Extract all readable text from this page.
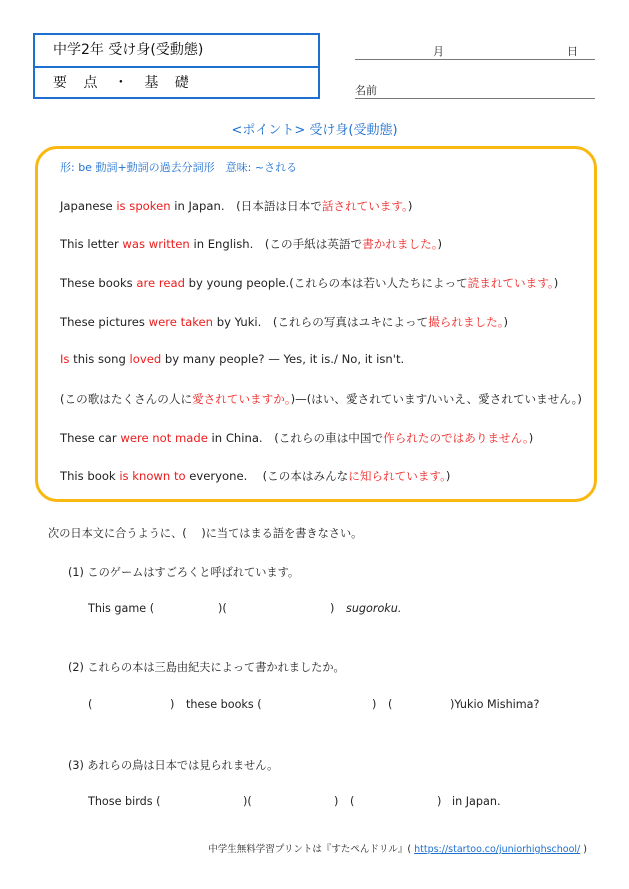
中学2年 受け身(受動態)
要 点 ・ 基 礎
月	日
名前
<ポイント> 受け身(受動態)
形: be 動詞+動詞の過去分詞形　意味: ~される
Japanese is spoken in Japan.　(日本語は日本で話されています。)
This letter was written in English.　(この手紙は英語で書かれました。)
These books are read by young people.(これらの本は若い人たちによって読まれています。)
These pictures were taken by Yuki.　(これらの写真はユキによって撮られました。)
Is this song loved by many people? — Yes, it is./ No, it isn't.
(この歌はたくさんの人に愛されていますか。)—(はい、愛されています/いいえ、愛されていません。)
These car were not made in China.　(これらの車は中国で作られたのではありません。)
This book is known to everyone.　 (この本はみんなに知られています。)
次の日本文に合うように、(　 )に当てはまる語を書きなさい。
(1) このゲームはすごろくと呼ばれています。
This game (	)(	) sugoroku.
(2) これらの本は三島由紀夫によって書かれましたか。
(	) these books (	) (	)Yukio Mishima?
(3) あれらの鳥は日本では見られません。
Those birds (	)(	) (	) in Japan.
中学生無料学習プリントは『すたぺんドリル』( https://startoo.co/juniorhighschool/ )
